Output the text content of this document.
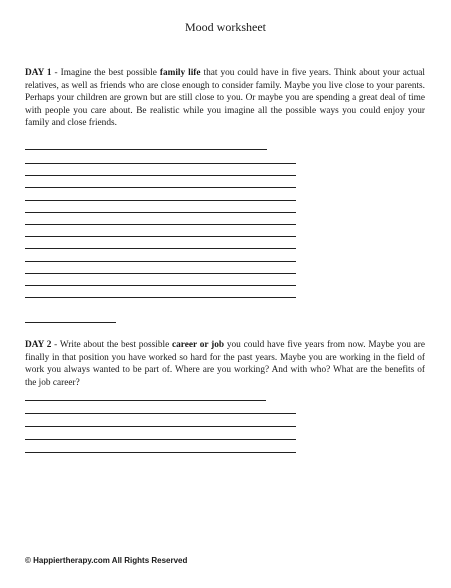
Mood worksheet
DAY 1 - Imagine the best possible family life that you could have in five years. Think about your actual relatives, as well as friends who are close enough to consider family. Maybe you live close to your parents. Perhaps your children are grown but are still close to you. Or maybe you are spending a great deal of time with people you care about. Be realistic while you imagine all the possible ways you could enjoy your family and close friends.
DAY 2 - Write about the best possible career or job you could have five years from now. Maybe you are finally in that position you have worked so hard for the past years. Maybe you are working in the field of work you always wanted to be part of. Where are you working? And with who? What are the benefits of the job career?
© Happiertherapy.com All Rights Reserved
